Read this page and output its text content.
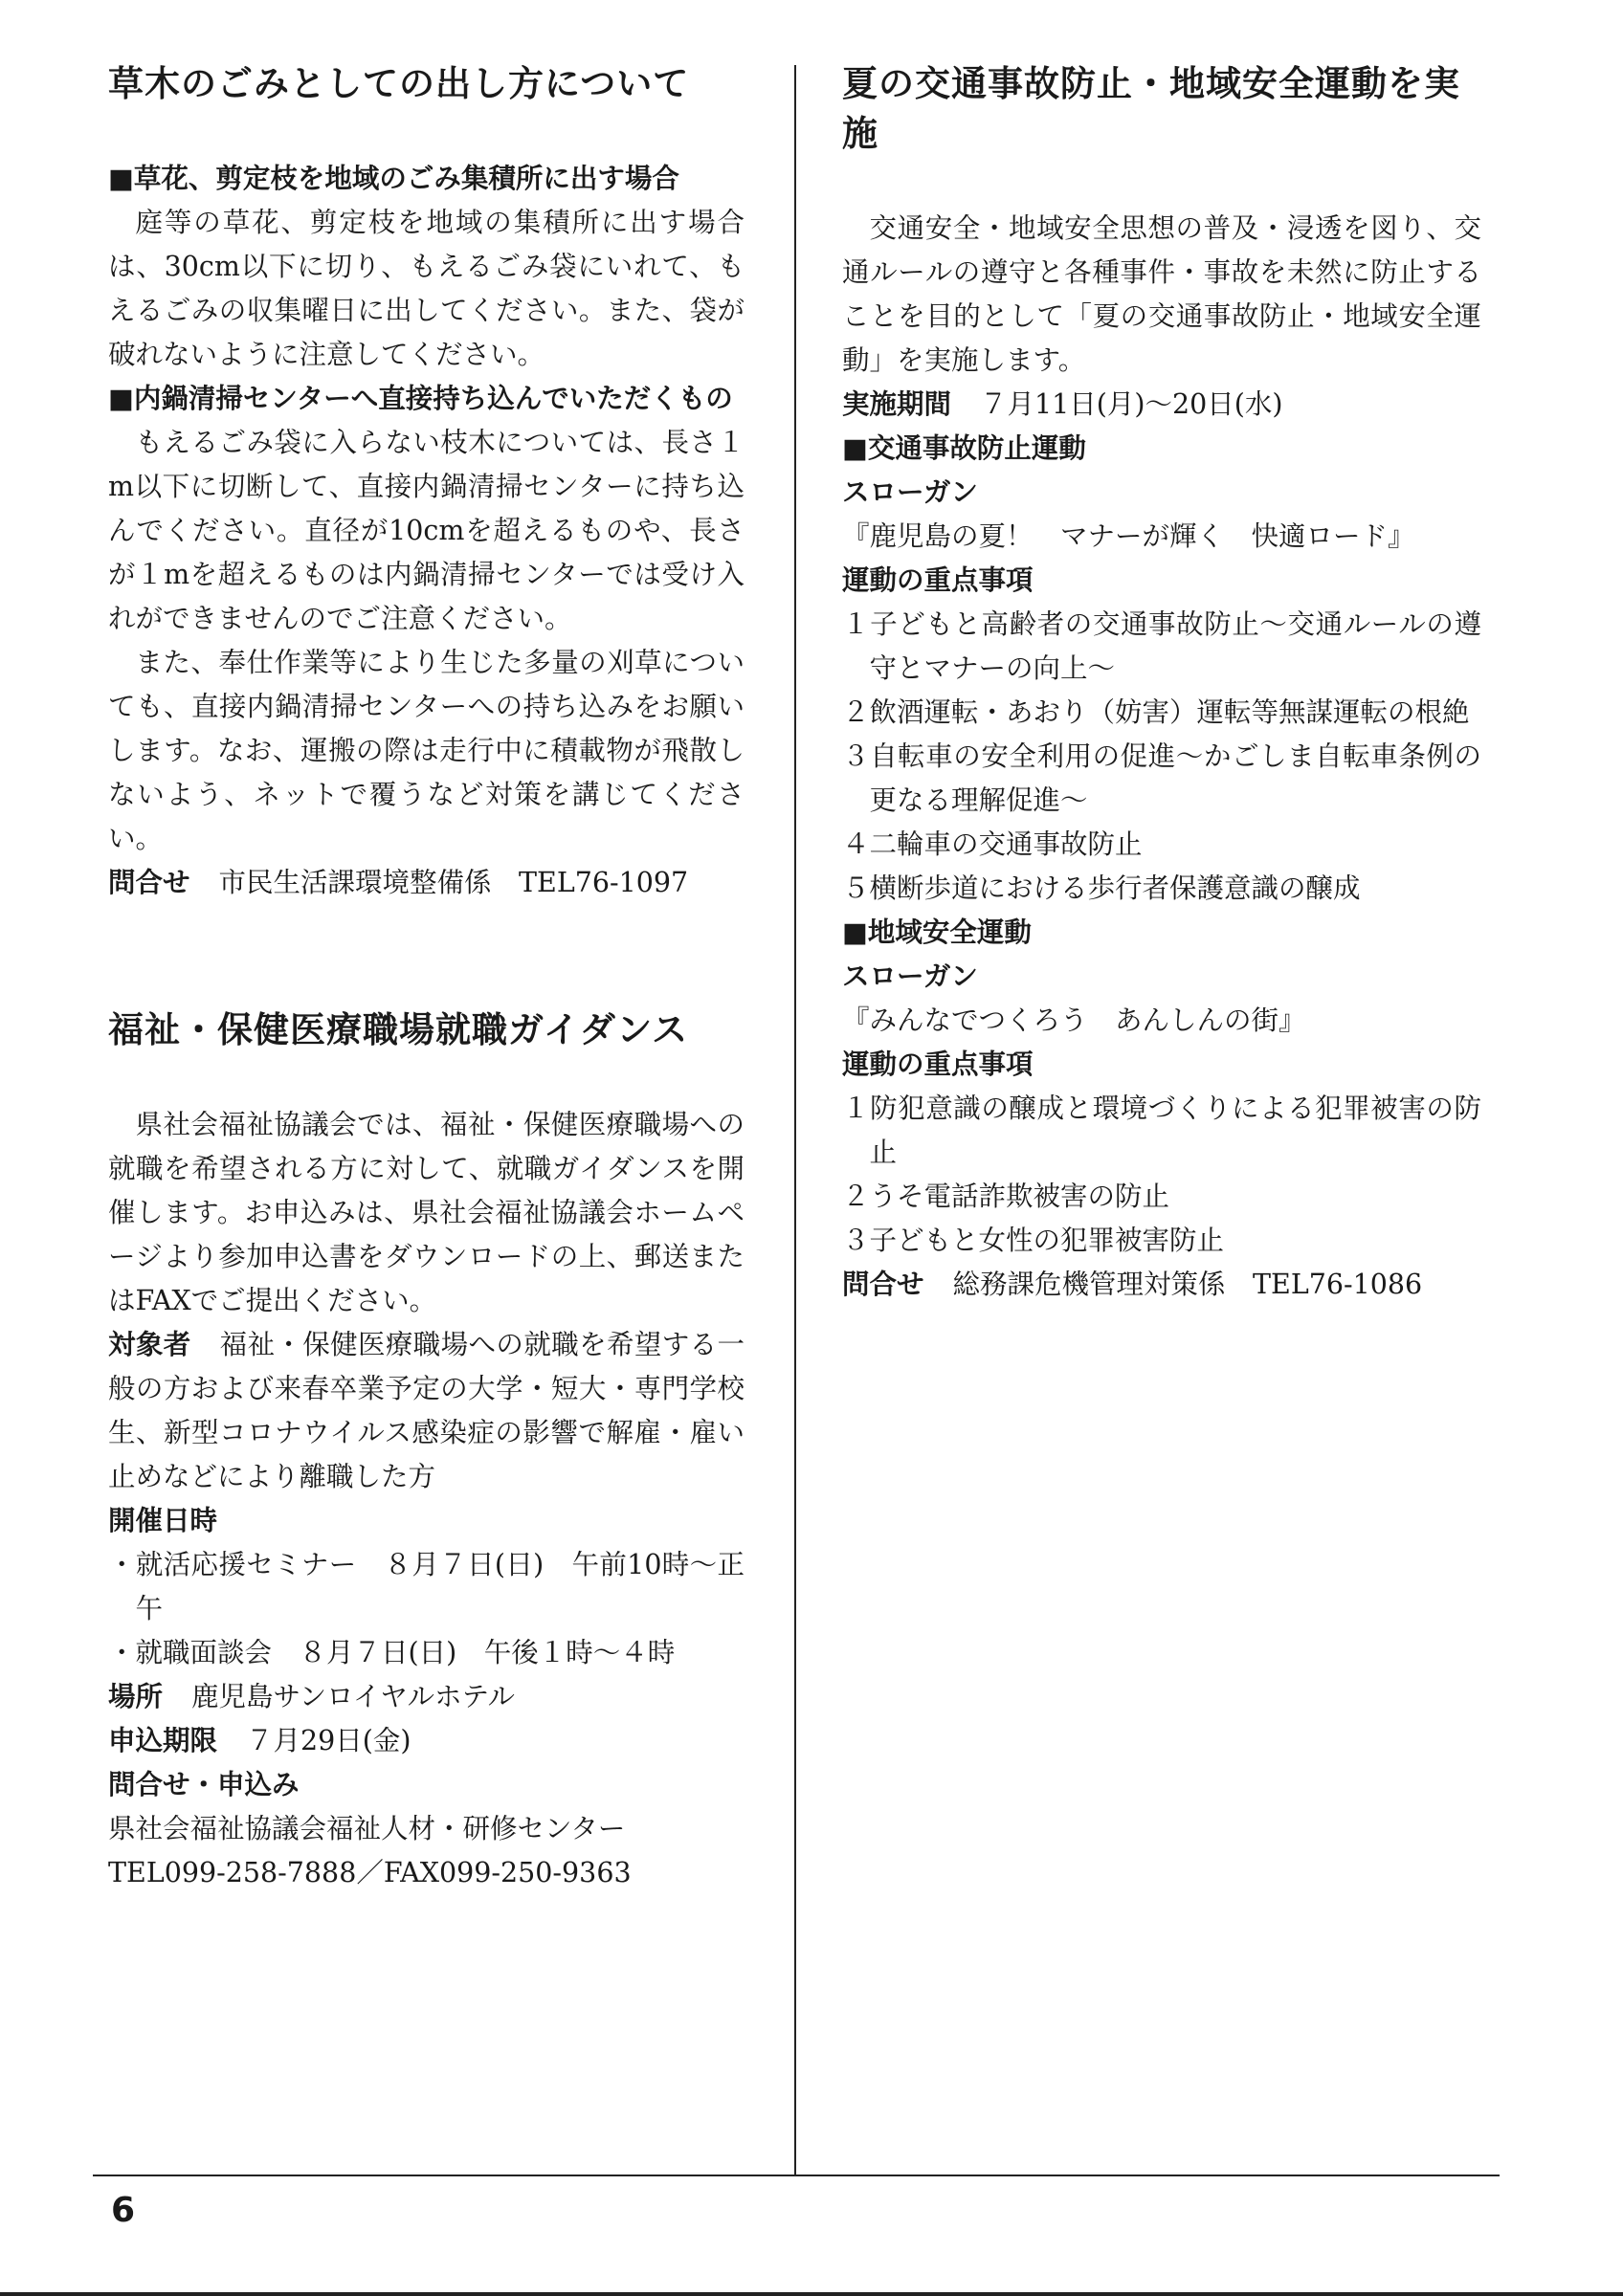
6
草木のごみとしての出し方について

■草花、剪定枝を地域のごみ集積所に出す場合

庭等の草花、剪定枝を地域の集積所に出す場合は、30cm以下に切り、もえるごみ袋にいれて、もえるごみの収集曜日に出してください。また、袋が破れないように注意してください。

■内鍋清掃センターへ直接持ち込んでいただくもの

もえるごみ袋に入らない枝木については、長さ１m以下に切断して、直接内鍋清掃センターに持ち込んでください。直径が10cmを超えるものや、長さが１mを超えるものは内鍋清掃センターでは受け入れができませんのでご注意ください。

また、奉仕作業等により生じた多量の刈草についても、直接内鍋清掃センターへの持ち込みをお願いします。なお、運搬の際は走行中に積載物が飛散しないよう、ネットで覆うなど対策を講じてください。

問合せ 市民生活課環境整備係　TEL76-1097

福祉・保健医療職場就職ガイダンス

県社会福祉協議会では、福祉・保健医療職場への就職を希望される方に対して、就職ガイダンスを開催します。お申込みは、県社会福祉協議会ホームページより参加申込書をダウンロードの上、郵送またはFAXでご提出ください。

対象者 福祉・保健医療職場への就職を希望する一般の方および来春卒業予定の大学・短大・専門学校生、新型コロナウイルス感染症の影響で解雇・雇い止めなどにより離職した方

開催日時

・就活応援セミナー　８月７日(日)　午前10時～正午

・就職面談会　８月７日(日)　午後１時～４時

場所 鹿児島サンロイヤルホテル

申込期限 ７月29日(金)

問合せ・申込み

県社会福祉協議会福祉人材・研修センター

TEL099-258-7888／FAX099-250-9363

夏の交通事故防止・地域安全運動を実施

交通安全・地域安全思想の普及・浸透を図り、交通ルールの遵守と各種事件・事故を未然に防止することを目的として「夏の交通事故防止・地域安全運動」を実施します。

実施期間 ７月11日(月)～20日(水)

■交通事故防止運動

スローガン

『鹿児島の夏！　マナーが輝く　快適ロード』

運動の重点事項

１子どもと高齢者の交通事故防止～交通ルールの遵守とマナーの向上～

２飲酒運転・あおり（妨害）運転等無謀運転の根絶

３自転車の安全利用の促進～かごしま自転車条例の更なる理解促進～

４二輪車の交通事故防止

５横断歩道における歩行者保護意識の醸成

■地域安全運動

スローガン

『みんなでつくろう　あんしんの街』

運動の重点事項

１防犯意識の醸成と環境づくりによる犯罪被害の防止

２うそ電話詐欺被害の防止

３子どもと女性の犯罪被害防止

問合せ 総務課危機管理対策係　TEL76-1086
